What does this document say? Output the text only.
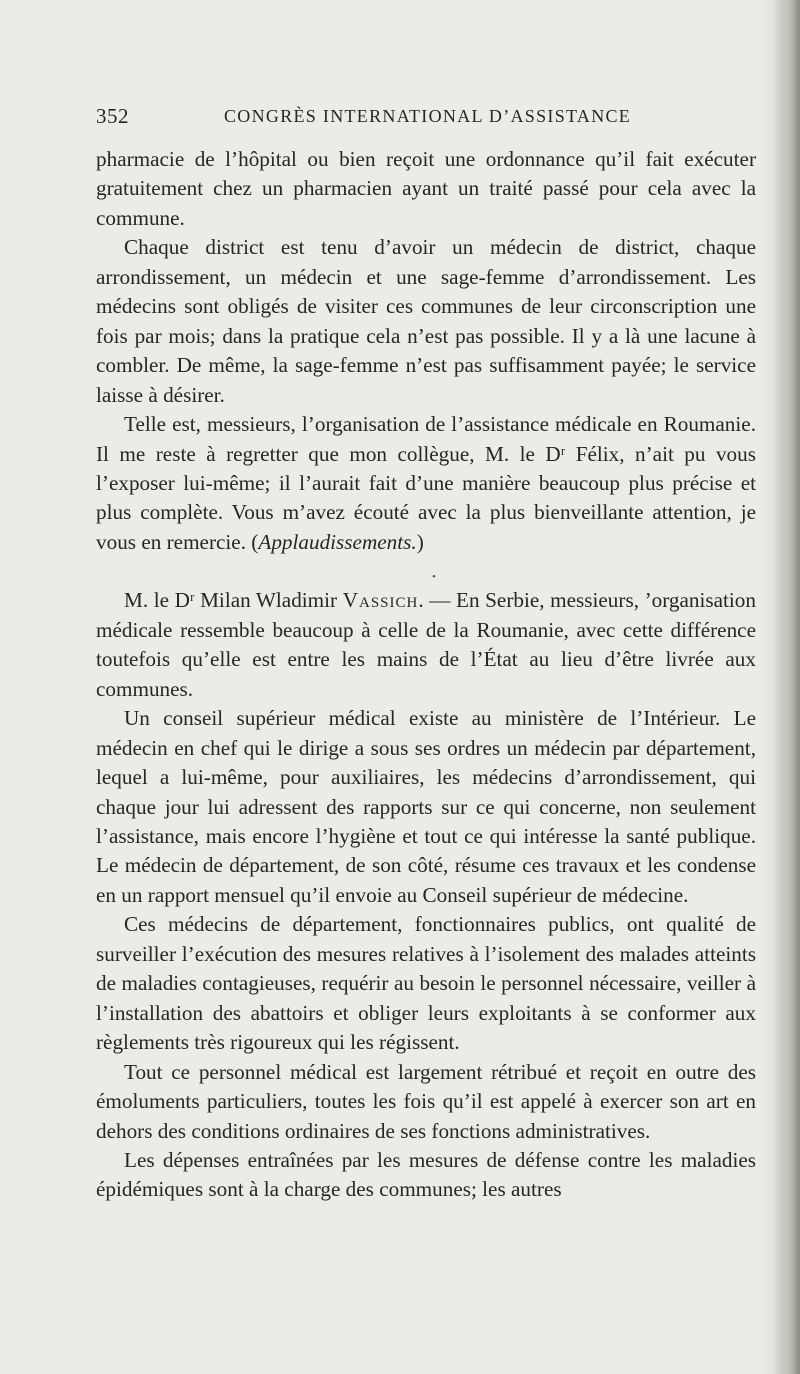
352	CONGRÈS INTERNATIONAL D’ASSISTANCE

pharmacie de l’hôpital ou bien reçoit une ordonnance qu’il fait exécuter gratuitement chez un pharmacien ayant un traité passé pour cela avec la commune.

Chaque district est tenu d’avoir un médecin de district, chaque arrondissement, un médecin et une sage-femme d’arrondissement. Les médecins sont obligés de visiter ces communes de leur circonscription une fois par mois; dans la pratique cela n’est pas possible. Il y a là une lacune à combler. De même, la sage-femme n’est pas suffisamment payée; le service laisse à désirer.

Telle est, messieurs, l’organisation de l’assistance médicale en Roumanie. Il me reste à regretter que mon collègue, M. le Dʳ Félix, n’ait pu vous l’exposer lui-même; il l’aurait fait d’une manière beaucoup plus précise et plus complète. Vous m’avez écouté avec la plus bienveillante attention, je vous en remercie. (Applaudissements.)

•

M. le Dʳ Milan Wladimir Vassich. — En Serbie, messieurs, ’organisation médicale ressemble beaucoup à celle de la Roumanie, avec cette différence toutefois qu’elle est entre les mains de l’État au lieu d’être livrée aux communes.

Un conseil supérieur médical existe au ministère de l’Intérieur. Le médecin en chef qui le dirige a sous ses ordres un médecin par département, lequel a lui-même, pour auxiliaires, les médecins d’arrondissement, qui chaque jour lui adressent des rapports sur ce qui concerne, non seulement l’assistance, mais encore l’hygiène et tout ce qui intéresse la santé publique. Le médecin de département, de son côté, résume ces travaux et les condense en un rapport mensuel qu’il envoie au Conseil supérieur de médecine.

Ces médecins de département, fonctionnaires publics, ont qualité de surveiller l’exécution des mesures relatives à l’isolement des malades atteints de maladies contagieuses, requérir au besoin le personnel nécessaire, veiller à l’installation des abattoirs et obliger leurs exploitants à se conformer aux règlements très rigoureux qui les régissent.

Tout ce personnel médical est largement rétribué et reçoit en outre des émoluments particuliers, toutes les fois qu’il est appelé à exercer son art en dehors des conditions ordinaires de ses fonctions administratives.

Les dépenses entraînées par les mesures de défense contre les maladies épidémiques sont à la charge des communes; les autres
